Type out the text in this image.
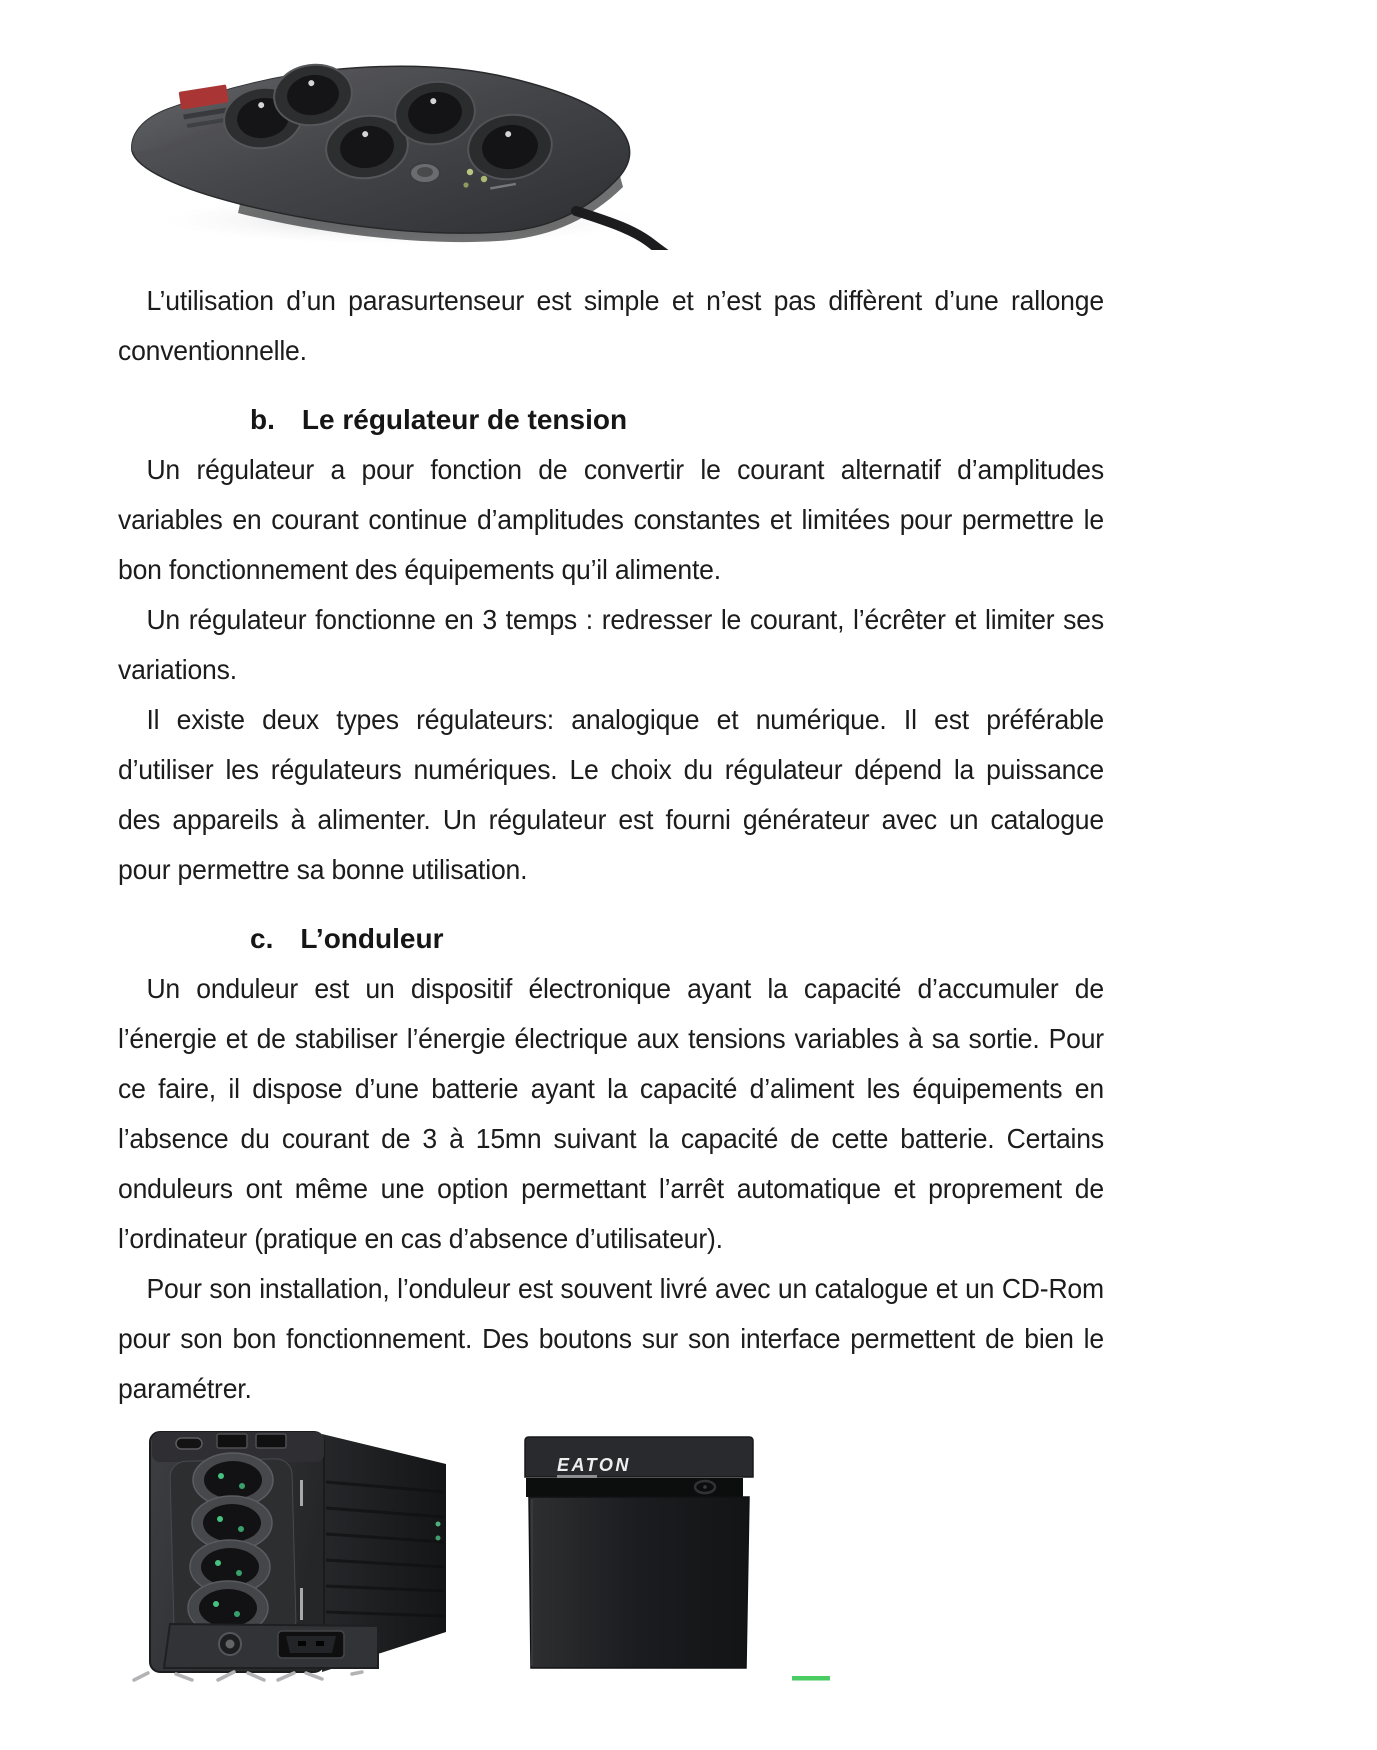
L’utilisation d’un parasurtenseur est simple et n’est pas diffèrent d’une rallonge
conventionnelle.
b. Le régulateur de tension
Un régulateur a pour fonction de convertir le courant alternatif d’amplitudes
variables en courant continue d’amplitudes constantes et limitées pour permettre le
bon fonctionnement des équipements qu’il alimente.
Un régulateur fonctionne en 3 temps : redresser le courant, l’écrêter et limiter ses
variations.
Il existe deux types régulateurs: analogique et numérique. Il est préférable
d’utiliser les régulateurs numériques. Le choix du régulateur dépend la puissance
des appareils à alimenter. Un régulateur est fourni générateur avec un catalogue
pour permettre sa bonne utilisation.
c. L’onduleur
Un onduleur est un dispositif électronique ayant la capacité d’accumuler de
l’énergie et de stabiliser l’énergie électrique aux tensions variables à sa sortie. Pour
ce faire, il dispose d’une batterie ayant la capacité d’aliment les équipements en
l’absence du courant de 3 à 15mn suivant la capacité de cette batterie. Certains
onduleurs ont même une option permettant l’arrêt automatique et proprement de
l’ordinateur (pratique en cas d’absence d’utilisateur).
Pour son installation, l’onduleur est souvent livré avec un catalogue et un CD-Rom
pour son bon fonctionnement. Des boutons sur son interface permettent de bien le
paramétrer.
EATON
